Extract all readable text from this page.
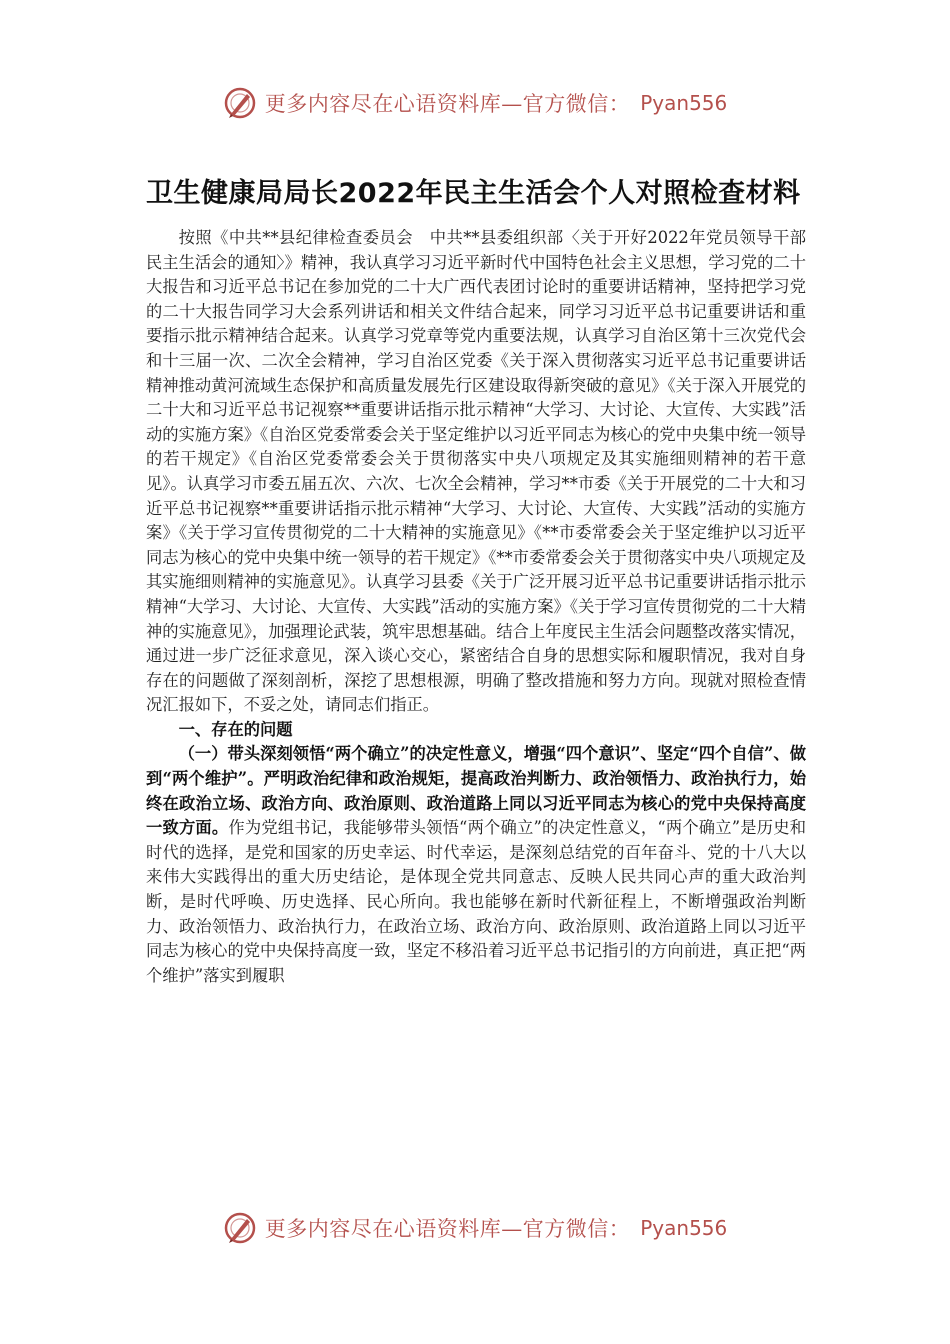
更多内容尽在心语资料库—官方微信： Pyan556
卫生健康局局长2022年民主生活会个人对照检查材料

按照《中共**县纪律检查委员会　中共**县委组织部〈关于开好2022年党员领导干部民主生活会的通知〉》精神，我认真学习习近平新时代中国特色社会主义思想，学习党的二十大报告和习近平总书记在参加党的二十大广西代表团讨论时的重要讲话精神，坚持把学习党的二十大报告同学习大会系列讲话和相关文件结合起来，同学习习近平总书记重要讲话和重要指示批示精神结合起来。认真学习党章等党内重要法规，认真学习自治区第十三次党代会和十三届一次、二次全会精神，学习自治区党委《关于深入贯彻落实习近平总书记重要讲话精神推动黄河流域生态保护和高质量发展先行区建设取得新突破的意见》《关于深入开展党的二十大和习近平总书记视察**重要讲话指示批示精神“大学习、大讨论、大宣传、大实践”活动的实施方案》《自治区党委常委会关于坚定维护以习近平同志为核心的党中央集中统一领导的若干规定》《自治区党委常委会关于贯彻落实中央八项规定及其实施细则精神的若干意见》。认真学习市委五届五次、六次、七次全会精神，学习**市委《关于开展党的二十大和习近平总书记视察**重要讲话指示批示精神“大学习、大讨论、大宣传、大实践”活动的实施方案》《关于学习宣传贯彻党的二十大精神的实施意见》《**市委常委会关于坚定维护以习近平同志为核心的党中央集中统一领导的若干规定》《**市委常委会关于贯彻落实中央八项规定及其实施细则精神的实施意见》。认真学习县委《关于广泛开展习近平总书记重要讲话指示批示精神“大学习、大讨论、大宣传、大实践”活动的实施方案》《关于学习宣传贯彻党的二十大精神的实施意见》，加强理论武装，筑牢思想基础。结合上年度民主生活会问题整改落实情况，通过进一步广泛征求意见，深入谈心交心，紧密结合自身的思想实际和履职情况，我对自身存在的问题做了深刻剖析，深挖了思想根源，明确了整改措施和努力方向。现就对照检查情况汇报如下，不妥之处，请同志们指正。

一、存在的问题

（一）带头深刻领悟“两个确立”的决定性意义，增强“四个意识”、坚定“四个自信”、做到“两个维护”。严明政治纪律和政治规矩，提高政治判断力、政治领悟力、政治执行力，始终在政治立场、政治方向、政治原则、政治道路上同以习近平同志为核心的党中央保持高度一致方面。作为党组书记，我能够带头领悟“两个确立”的决定性意义，“两个确立”是历史和时代的选择，是党和国家的历史幸运、时代幸运，是深刻总结党的百年奋斗、党的十八大以来伟大实践得出的重大历史结论，是体现全党共同意志、反映人民共同心声的重大政治判断，是时代呼唤、历史选择、民心所向。我也能够在新时代新征程上，不断增强政治判断力、政治领悟力、政治执行力，在政治立场、政治方向、政治原则、政治道路上同以习近平同志为核心的党中央保持高度一致，坚定不移沿着习近平总书记指引的方向前进，真正把“两个维护”落实到履职

更多内容尽在心语资料库—官方微信： Pyan556
